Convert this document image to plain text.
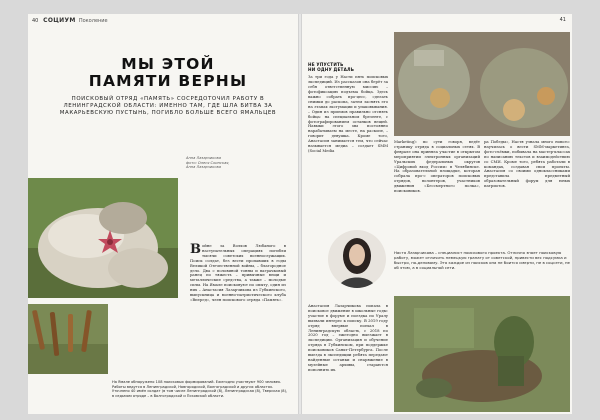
40 СОЦИУМ Поколение
МЫ ЭТОЙ
ПАМЯТИ ВЕРНЫ
ПОИСКОВЫЙ ОТРЯД «ПАМЯТЬ» СОСРЕДОТОЧИЛ РАБОТУ В ЛЕНИНГРАДСКОЙ ОБЛАСТИ: ИМЕННО ТАМ, ГДЕ ШЛА БИТВА ЗА МАКАРЬЕВСКУЮ ПУСТЫНЬ, ПОГИБЛО БОЛЬШЕ ВСЕГО ЯМАЛЬЦЕВ
Анна Лазарчикова
фото: Олеся Соинская,
Анна Лазарчикова

Войне за Волхов Любаного в наступательных операциях погибли тысячи советских военнослужащих. Поиск солдат, без вести пропавших в годы Великой Отечественной войны, – благородное дело. Два с половиной тонны и ваграчковый ранец по тяжесть – привычные вещи и металлические средства, а также – молодые силы. На Ямале поисковуют по опыту, один из них – Анастасия Лазарчикова из Губкинского, выпускница и военно-патриотического клуба «Вперед», член поискового отряда «Память».

На Ямале обнаружено 108 поисковых формирований. Ежегодно участвуют 900 человек. Работы ведутся в Ленинградской, Новгородской, Волгоградской и других областях. Уточнено 40 имён солдат (в том числе Ленинградской (8), Ленинградская (8), Тверская (8), в седьмом отряде – в Волгоградской и Псковской области.
41
НЕ УПУСТИТЬ
НИ ОДНУ ДЕТАЛЬ

За три года у Насти пять поисковых экспедиций. Из рассказов она берёт за себя ответственную миссию – фотофиксацию подъема бойца. Здесь важно собрать про-цесс, сделать снимки до раскопа, затем заснять его на этапах эксгумации и упаковывания. – Один из приемов правильно отснять бойца: на специальном брезенте, с фотографированием останков вещей. Навыки этого мы постоянно нарабатываем на месте, на раскопе, – говорит девушка. Кроме того, Анастасия занимается тем, что сейчас называется медиа – создает SMM (Social Media

Marketing): по сути говоря, ведёт страницу отряда в социальных сетях. В феврале она приняла участие в открытом мероприятии электронных организаций Уральских федеральных округов «Цифровой вход России» в Челябинске. На образовательной площадке, которая собрала про-с операторов поисковых отрядов, волонтеров, участников движения «Бессмертного полка», поисковиков.

ра Победы», Настя узнала много нового: научилась о вести SMM-маркетинга, фото-съёмки, побывала на мастер-классах по написанию текстов и взаимодействию со СМИ. Кроме того, ребята работали в командах, создавая свои проекты. Анастасия со своими одноклассниками представила предметный образовательный форум для юных патриотов.

Настя Лазарчикова – специалист поискового проекта. Отлично знает поисковую работу, может отличить немецкую гранату от советской, привести вес подсумка и быстро, по-деловому. Это каждое из поисков она не боится смерти, не в соцсети, не об этом, а в социальной сети.

Анастасия Лазарчикова попала в поисковое движение в школьные годы: участие в форуме и поездка по Уралу вызвали интерес к поиску. В 2019 году отряд впервые поехал в Ленинградскую область, с 2018 по 2020 год – ежегодно выезжает в экспедиции. Организация и обучение отряда в Губкинском, при поддержке поисковиков Санкт-Петербурга. После выезда в экспедиции ребята передают найденные останки и снаряжение в музейные архивы, стараются пополнить их.
